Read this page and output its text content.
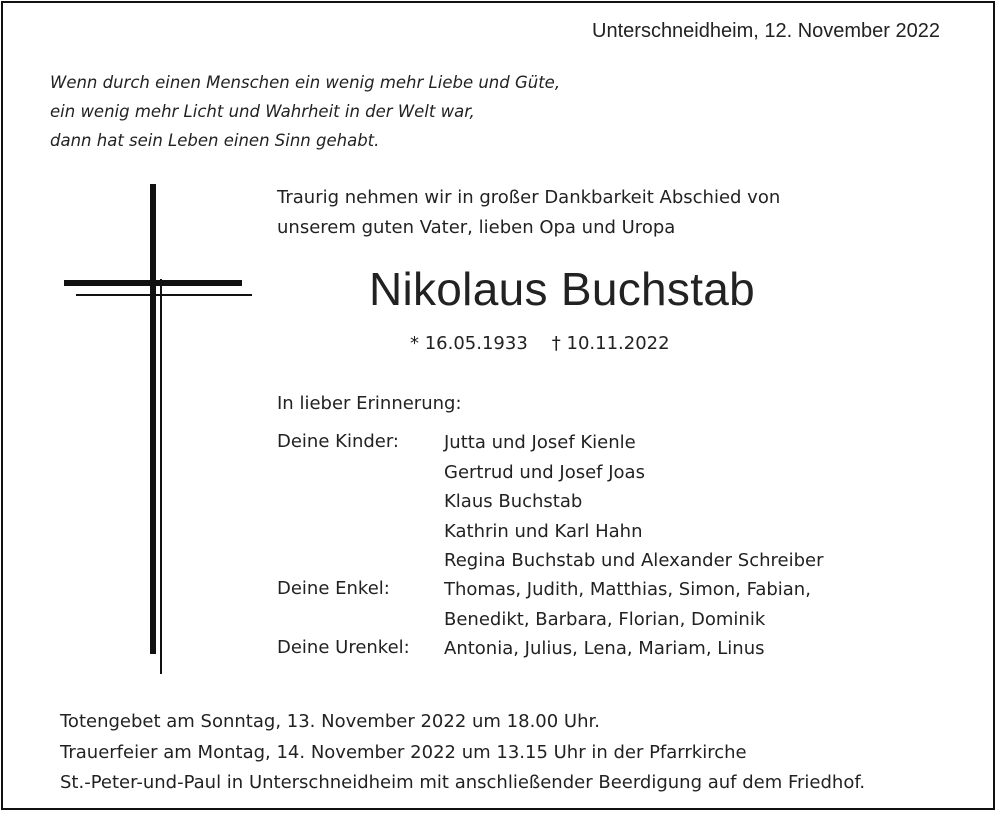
Unterschneidheim, 12. November 2022
Wenn durch einen Menschen ein wenig mehr Liebe und Güte,
ein wenig mehr Licht und Wahrheit in der Welt war,
dann hat sein Leben einen Sinn gehabt.
Traurig nehmen wir in großer Dankbarkeit Abschied von
unserem guten Vater, lieben Opa und Uropa
Nikolaus Buchstab
* 16.05.1933 † 10.11.2022
In lieber Erinnerung:
Deine Kinder: Jutta und Josef Kienle
Gertrud und Josef Joas
Klaus Buchstab
Kathrin und Karl Hahn
Regina Buchstab und Alexander Schreiber
Deine Enkel:	Thomas, Judith, Matthias, Simon, Fabian,
Benedikt, Barbara, Florian, Dominik
Deine Urenkel: Antonia, Julius, Lena, Mariam, Linus
Totengebet am Sonntag, 13. November 2022 um 18.00 Uhr.
Trauerfeier am Montag, 14. November 2022 um 13.15 Uhr in der Pfarrkirche
St.-Peter-und-Paul in Unterschneidheim mit anschließender Beerdigung auf dem Friedhof.
